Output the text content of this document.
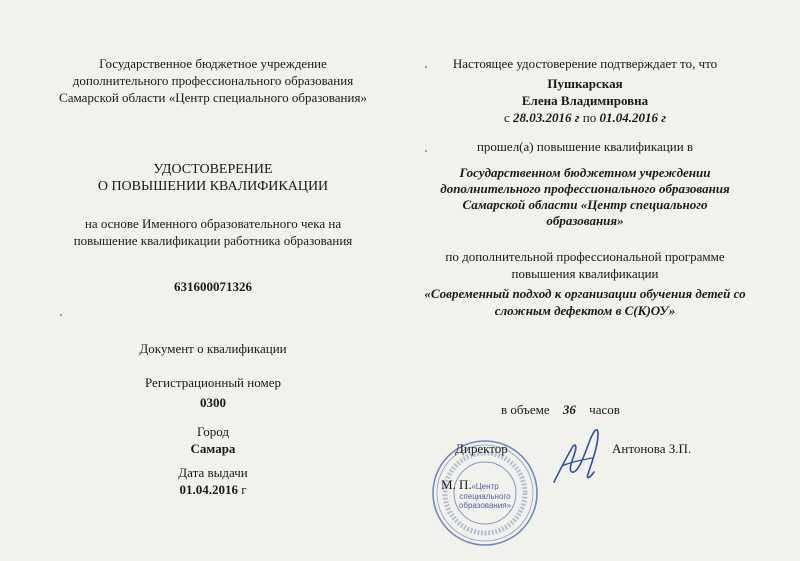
Государственное бюджетное учреждение
дополнительного профессионального образования
Самарской области «Центр специального образования»
УДОСТОВЕРЕНИЕ
О ПОВЫШЕНИИ КВАЛИФИКАЦИИ
на основе Именного образовательного чека на
повышение квалификации работника образования
631600071326
Документ о квалификации
Регистрационный номер
0300
Город
Самара
Дата выдачи
01.04.2016 г
Настоящее удостоверение подтверждает то, что
Пушкарская
Елена Владимировна
с 28.03.2016 г по 01.04.2016 г
прошел(а) повышение квалификации в
Государственном бюджетном учреждении
дополнительного профессионального образования
Самарской области «Центр специального
образования»
по дополнительной профессиональной программе
повышения квалификации
«Современный подход к организации обучения детей со
сложным дефектом в С(К)ОУ»
в объеме 36 часов
«Центр
специального
образования»
Директор
М. П.
Антонова З.П.
